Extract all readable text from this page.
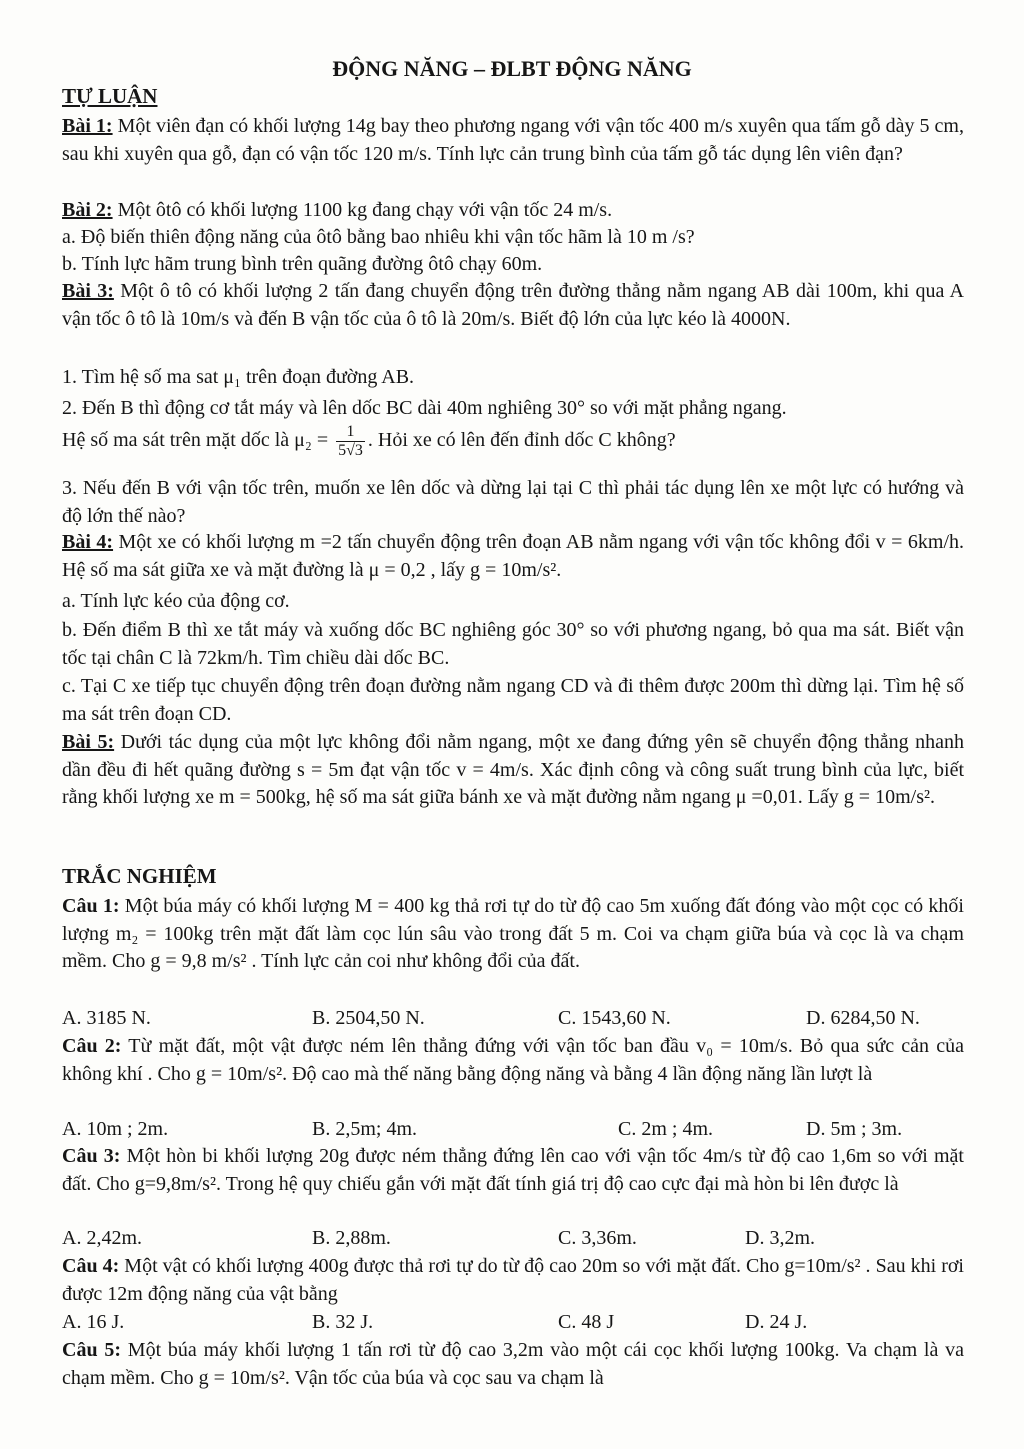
ĐỘNG NĂNG – ĐLBT ĐỘNG NĂNG
TỰ LUẬN
Bài 1: Một viên đạn có khối lượng 14g bay theo phương ngang với vận tốc 400 m/s xuyên qua tấm gỗ dày 5 cm, sau khi xuyên qua gỗ, đạn có vận tốc 120 m/s. Tính lực cản trung bình của tấm gỗ tác dụng lên viên đạn?
Bài 2: Một ôtô có khối lượng 1100 kg đang chạy với vận tốc 24 m/s.
a. Độ biến thiên động năng của ôtô bằng bao nhiêu khi vận tốc hãm là 10 m /s?
b. Tính lực hãm trung bình trên quãng đường ôtô chạy 60m.
Bài 3: Một ô tô có khối lượng 2 tấn đang chuyển động trên đường thẳng nằm ngang AB dài 100m, khi qua A vận tốc ô tô là 10m/s và đến B vận tốc của ô tô là 20m/s. Biết độ lớn của lực kéo là 4000N.
1. Tìm hệ số ma sat μ₁ trên đoạn đường AB.
2. Đến B thì động cơ tắt máy và lên dốc BC dài 40m nghiêng 30° so với mặt phẳng ngang.
Hệ số ma sát trên mặt dốc là $\mu_2 = \frac{1}{5√3}$ . Hỏi xe có lên đến đỉnh dốc C không?
3. Nếu đến B với vận tốc trên, muốn xe lên dốc và dừng lại tại C thì phải tác dụng lên xe một lực có hướng và độ lớn thế nào?
Bài 4: Một xe có khối lượng m =2 tấn chuyển động trên đoạn AB nằm ngang với vận tốc không đổi v = 6km/h. Hệ số ma sát giữa xe và mặt đường là μ = 0,2 , lấy g = 10m/s².
a. Tính lực kéo của động cơ.
b. Đến điểm B thì xe tắt máy và xuống dốc BC nghiêng góc 30° so với phương ngang, bỏ qua ma sát. Biết vận tốc tại chân C là 72km/h. Tìm chiều dài dốc BC.
c. Tại C xe tiếp tục chuyển động trên đoạn đường nằm ngang CD và đi thêm được 200m thì dừng lại. Tìm hệ số ma sát trên đoạn CD.
Bài 5: Dưới tác dụng của một lực không đổi nằm ngang, một xe đang đứng yên sẽ chuyển động thẳng nhanh dần đều đi hết quãng đường s = 5m đạt vận tốc v = 4m/s. Xác định công và công suất trung bình của lực, biết rằng khối lượng xe m = 500kg, hệ số ma sát giữa bánh xe và mặt đường nằm ngang μ =0,01. Lấy g = 10m/s².
TRẮC NGHIỆM
Câu 1: Một búa máy có khối lượng M = 400 kg thả rơi tự do từ độ cao 5m xuống đất đóng vào một cọc có khối lượng m₂ = 100kg trên mặt đất làm cọc lún sâu vào trong đất 5 m. Coi va chạm giữa búa và cọc là va chạm mềm. Cho g = 9,8 m/s² . Tính lực cản coi như không đổi của đất.
A. 3185 N.	B. 2504,50 N.	C. 1543,60 N.	D. 6284,50 N.
Câu 2: Từ mặt đất, một vật được ném lên thẳng đứng với vận tốc ban đầu v₀ = 10m/s. Bỏ qua sức cản của không khí . Cho g = 10m/s². Độ cao mà thế năng bằng động năng và bằng 4 lần động năng lần lượt là
A. 10m ; 2m.	B. 2,5m; 4m.	C. 2m ; 4m.	D. 5m ; 3m.
Câu 3: Một hòn bi khối lượng 20g được ném thẳng đứng lên cao với vận tốc 4m/s từ độ cao 1,6m so với mặt đất. Cho g=9,8m/s². Trong hệ quy chiếu gắn với mặt đất tính giá trị độ cao cực đại mà hòn bi lên được là
A. 2,42m.	B. 2,88m.	C. 3,36m.	D. 3,2m.
Câu 4: Một vật có khối lượng 400g được thả rơi tự do từ độ cao 20m so với mặt đất. Cho g=10m/s² . Sau khi rơi được 12m động năng của vật bằng
A. 16 J.	B. 32 J.	C. 48 J	D. 24 J.
Câu 5: Một búa máy khối lượng 1 tấn rơi từ độ cao 3,2m vào một cái cọc khối lượng 100kg. Va chạm là va chạm mềm. Cho g = 10m/s². Vận tốc của búa và cọc sau va chạm là
